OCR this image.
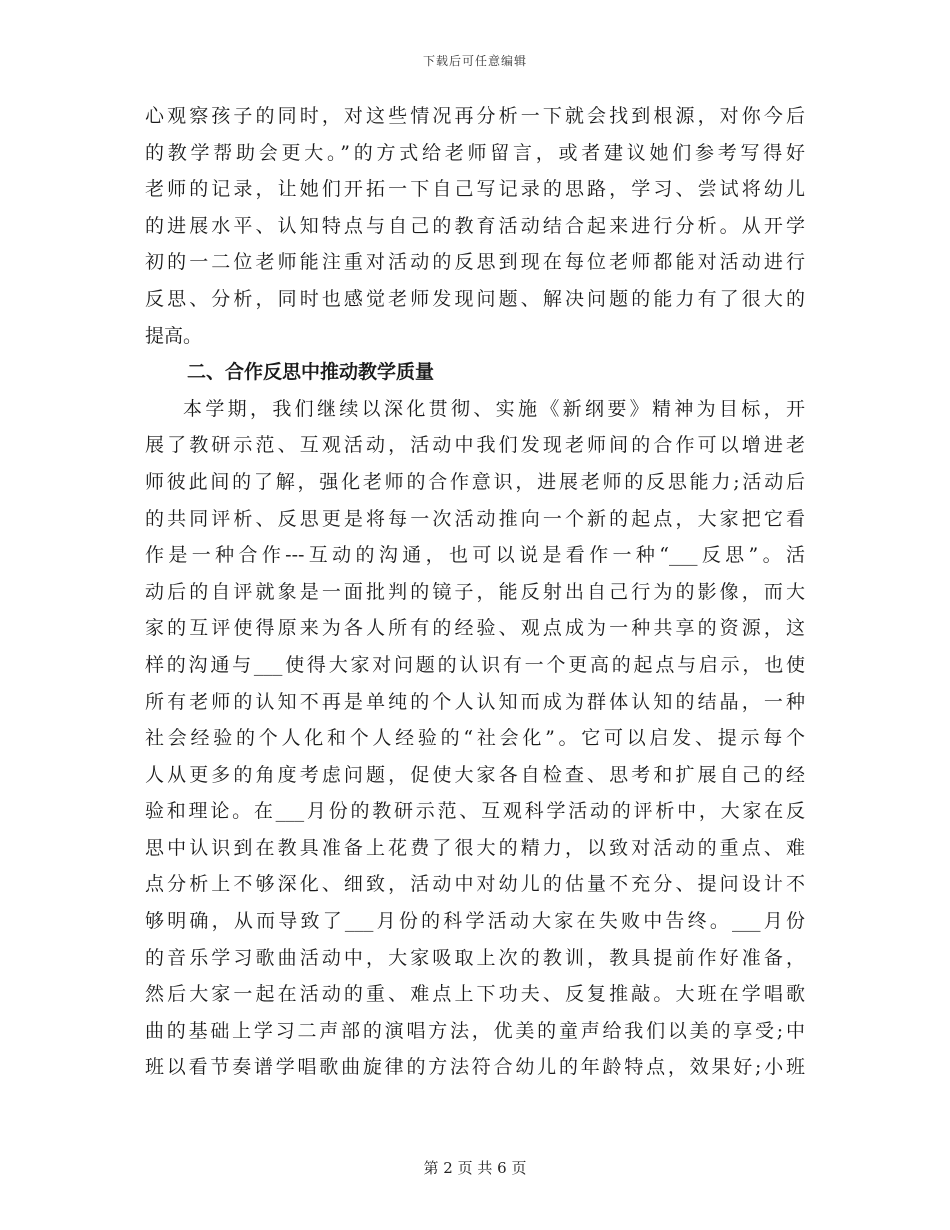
下载后可任意编辑
心观察孩子的同时，对这些情况再分析一下就会找到根源，对你今后
的教学帮助会更大。”的方式给老师留言，或者建议她们参考写得好
老师的记录，让她们开拓一下自己写记录的思路，学习、尝试将幼儿
的进展水平、认知特点与自己的教育活动结合起来进行分析。从开学
初的一二位老师能注重对活动的反思到现在每位老师都能对活动进行
反思、分析，同时也感觉老师发现问题、解决问题的能力有了很大的
提高。
二、合作反思中推动教学质量
本学期，我们继续以深化贯彻、实施《新纲要》精神为目标，开
展了教研示范、互观活动，活动中我们发现老师间的合作可以增进老
师彼此间的了解，强化老师的合作意识，进展老师的反思能力;活动后
的共同评析、反思更是将每一次活动推向一个新的起点，大家把它看
作是一种合作---互动的沟通，也可以说是看作一种“___反思”。活
动后的自评就象是一面批判的镜子，能反射出自己行为的影像，而大
家的互评使得原来为各人所有的经验、观点成为一种共享的资源，这
样的沟通与___使得大家对问题的认识有一个更高的起点与启示，也使
所有老师的认知不再是单纯的个人认知而成为群体认知的结晶，一种
社会经验的个人化和个人经验的“社会化”。它可以启发、提示每个
人从更多的角度考虑问题，促使大家各自检查、思考和扩展自己的经
验和理论。在___月份的教研示范、互观科学活动的评析中，大家在反
思中认识到在教具准备上花费了很大的精力，以致对活动的重点、难
点分析上不够深化、细致，活动中对幼儿的估量不充分、提问设计不
够明确，从而导致了___月份的科学活动大家在失败中告终。___月份
的音乐学习歌曲活动中，大家吸取上次的教训，教具提前作好准备，
然后大家一起在活动的重、难点上下功夫、反复推敲。大班在学唱歌
曲的基础上学习二声部的演唱方法，优美的童声给我们以美的享受;中
班以看节奏谱学唱歌曲旋律的方法符合幼儿的年龄特点，效果好;小班
第 2 页 共 6 页
